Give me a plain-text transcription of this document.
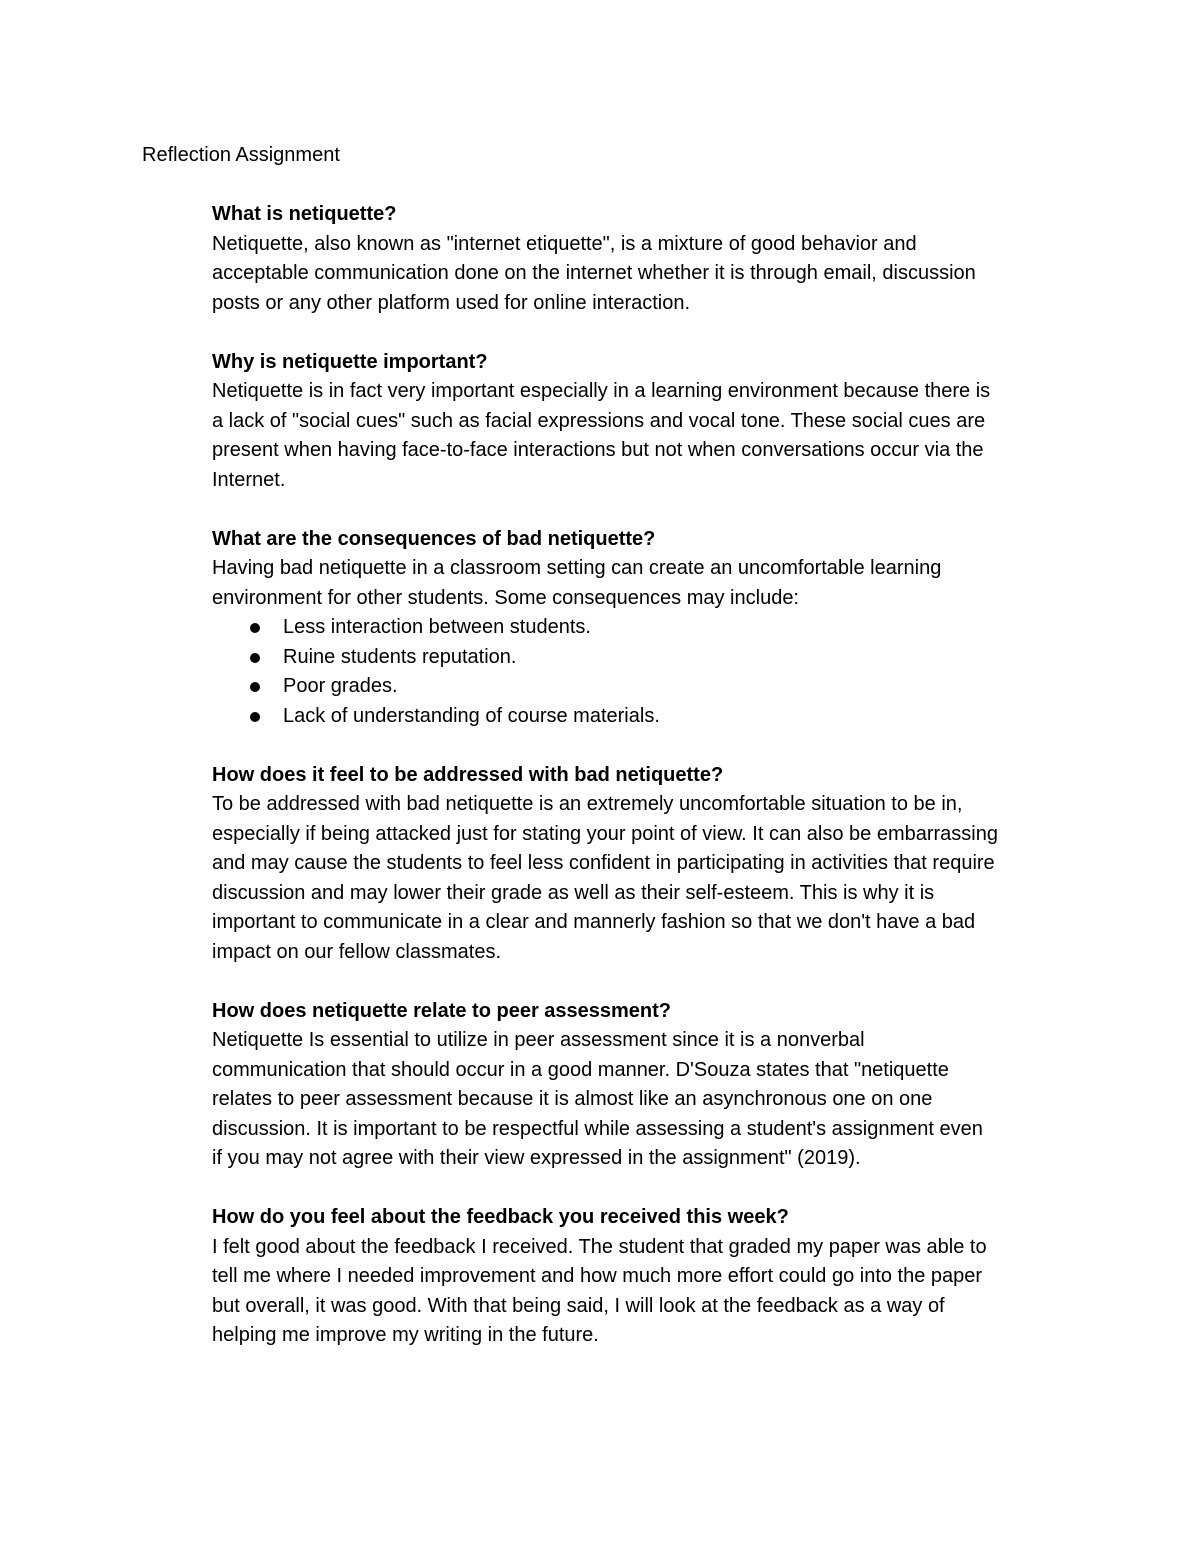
Reflection Assignment
What is netiquette?
Netiquette, also known as "internet etiquette", is a mixture of good behavior and
acceptable communication done on the internet whether it is through email, discussion
posts or any other platform used for online interaction.
Why is netiquette important?
Netiquette is in fact very important especially in a learning environment because there is
a lack of "social cues" such as facial expressions and vocal tone. These social cues are
present when having face-to-face interactions but not when conversations occur via the
Internet.
What are the consequences of bad netiquette?
Having bad netiquette in a classroom setting can create an uncomfortable learning
environment for other students. Some consequences may include:
Less interaction between students.
Ruine students reputation.
Poor grades.
Lack of understanding of course materials.
How does it feel to be addressed with bad netiquette?
To be addressed with bad netiquette is an extremely uncomfortable situation to be in,
especially if being attacked just for stating your point of view. It can also be embarrassing
and may cause the students to feel less confident in participating in activities that require
discussion and may lower their grade as well as their self-esteem. This is why it is
important to communicate in a clear and mannerly fashion so that we don't have a bad
impact on our fellow classmates.
How does netiquette relate to peer assessment?
Netiquette Is essential to utilize in peer assessment since it is a nonverbal
communication that should occur in a good manner. D'Souza states that "netiquette
relates to peer assessment because it is almost like an asynchronous one on one
discussion. It is important to be respectful while assessing a student's assignment even
if you may not agree with their view expressed in the assignment" (2019).
How do you feel about the feedback you received this week?
I felt good about the feedback I received. The student that graded my paper was able to
tell me where I needed improvement and how much more effort could go into the paper
but overall, it was good. With that being said, I will look at the feedback as a way of
helping me improve my writing in the future.
